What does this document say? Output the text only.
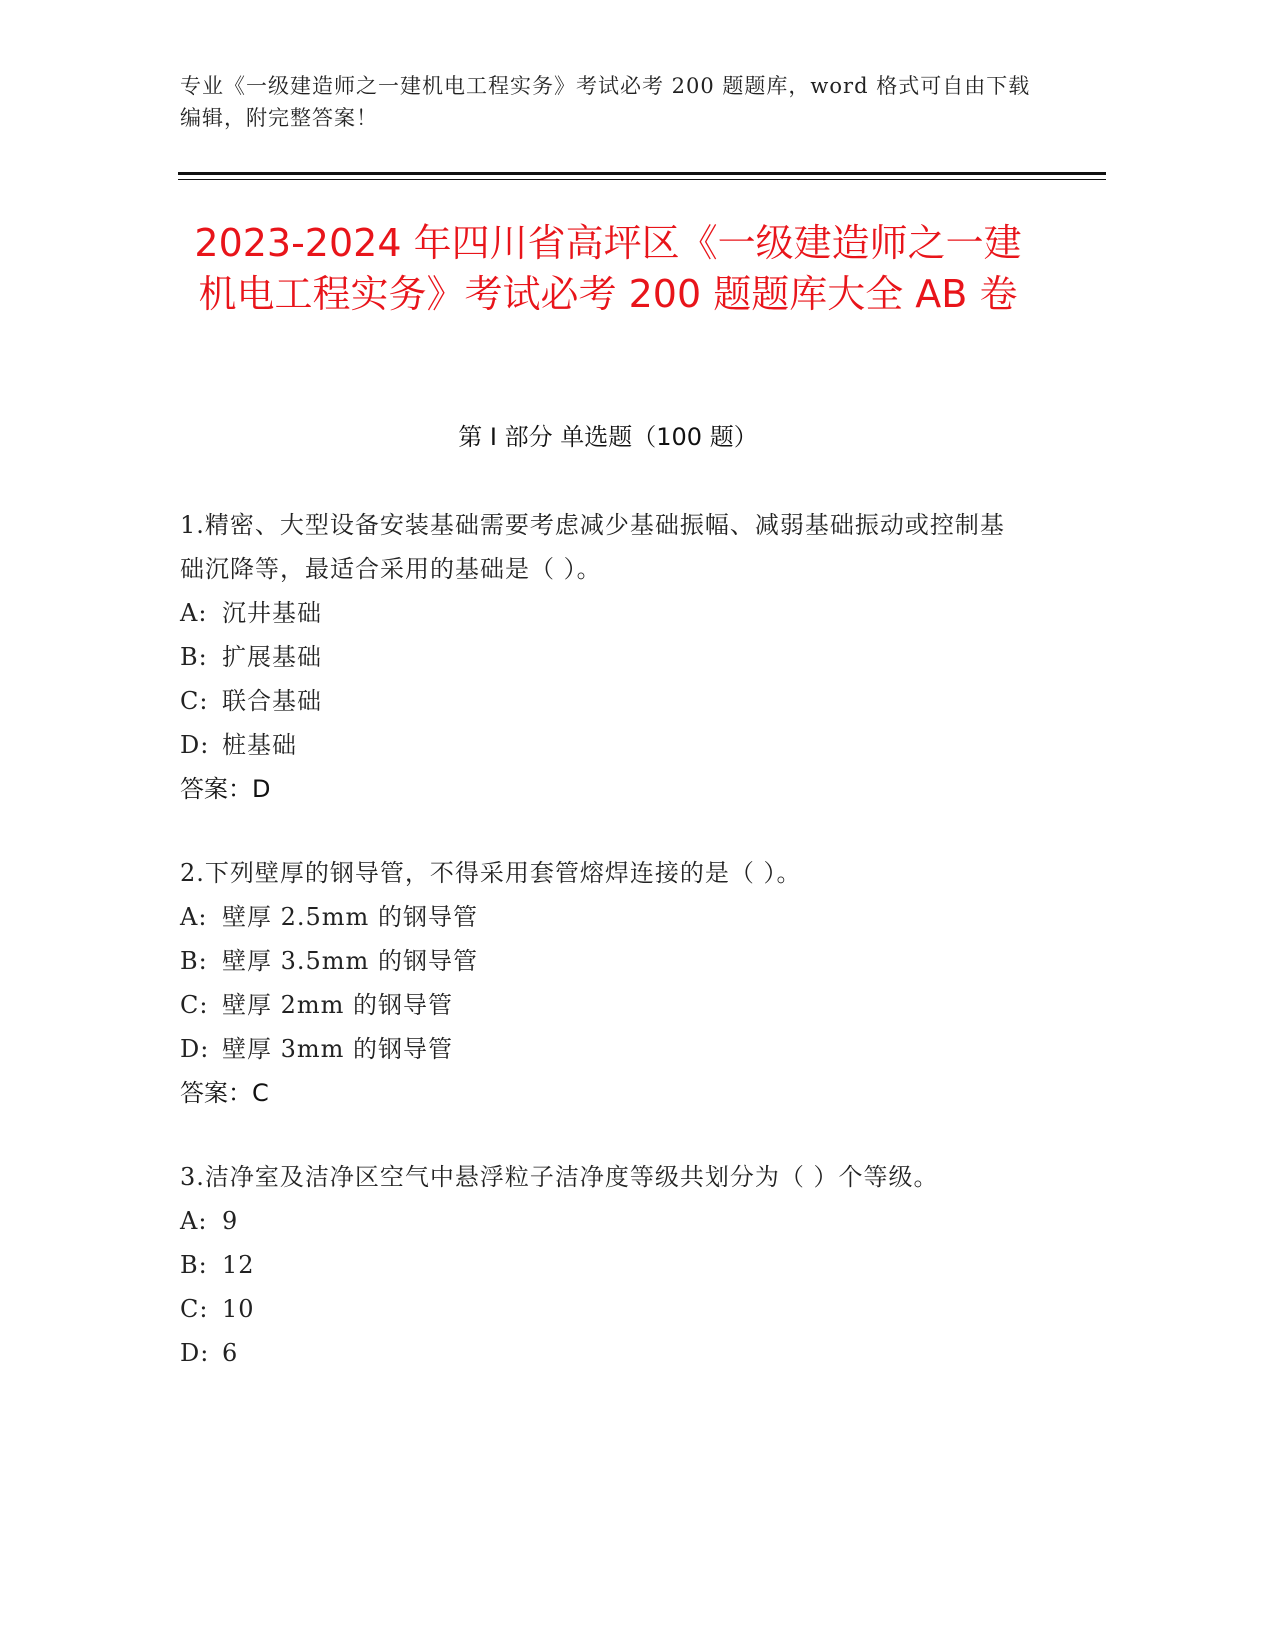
专业《一级建造师之一建机电工程实务》考试必考 200 题题库，word 格式可自由下载编辑，附完整答案！
2023-2024 年四川省高坪区《一级建造师之一建机电工程实务》考试必考 200 题题库大全 AB 卷
第 I 部分 单选题（100 题）
1.精密、大型设备安装基础需要考虑减少基础振幅、减弱基础振动或控制基础沉降等，最适合采用的基础是（ ）。
A: 沉井基础
B: 扩展基础
C: 联合基础
D: 桩基础
答案：D
2.下列壁厚的钢导管，不得采用套管熔焊连接的是（ ）。
A: 壁厚 2.5mm 的钢导管
B: 壁厚 3.5mm 的钢导管
C: 壁厚 2mm 的钢导管
D: 壁厚 3mm 的钢导管
答案：C
3.洁净室及洁净区空气中悬浮粒子洁净度等级共划分为（ ）个等级。
A: 9
B: 12
C: 10
D: 6
